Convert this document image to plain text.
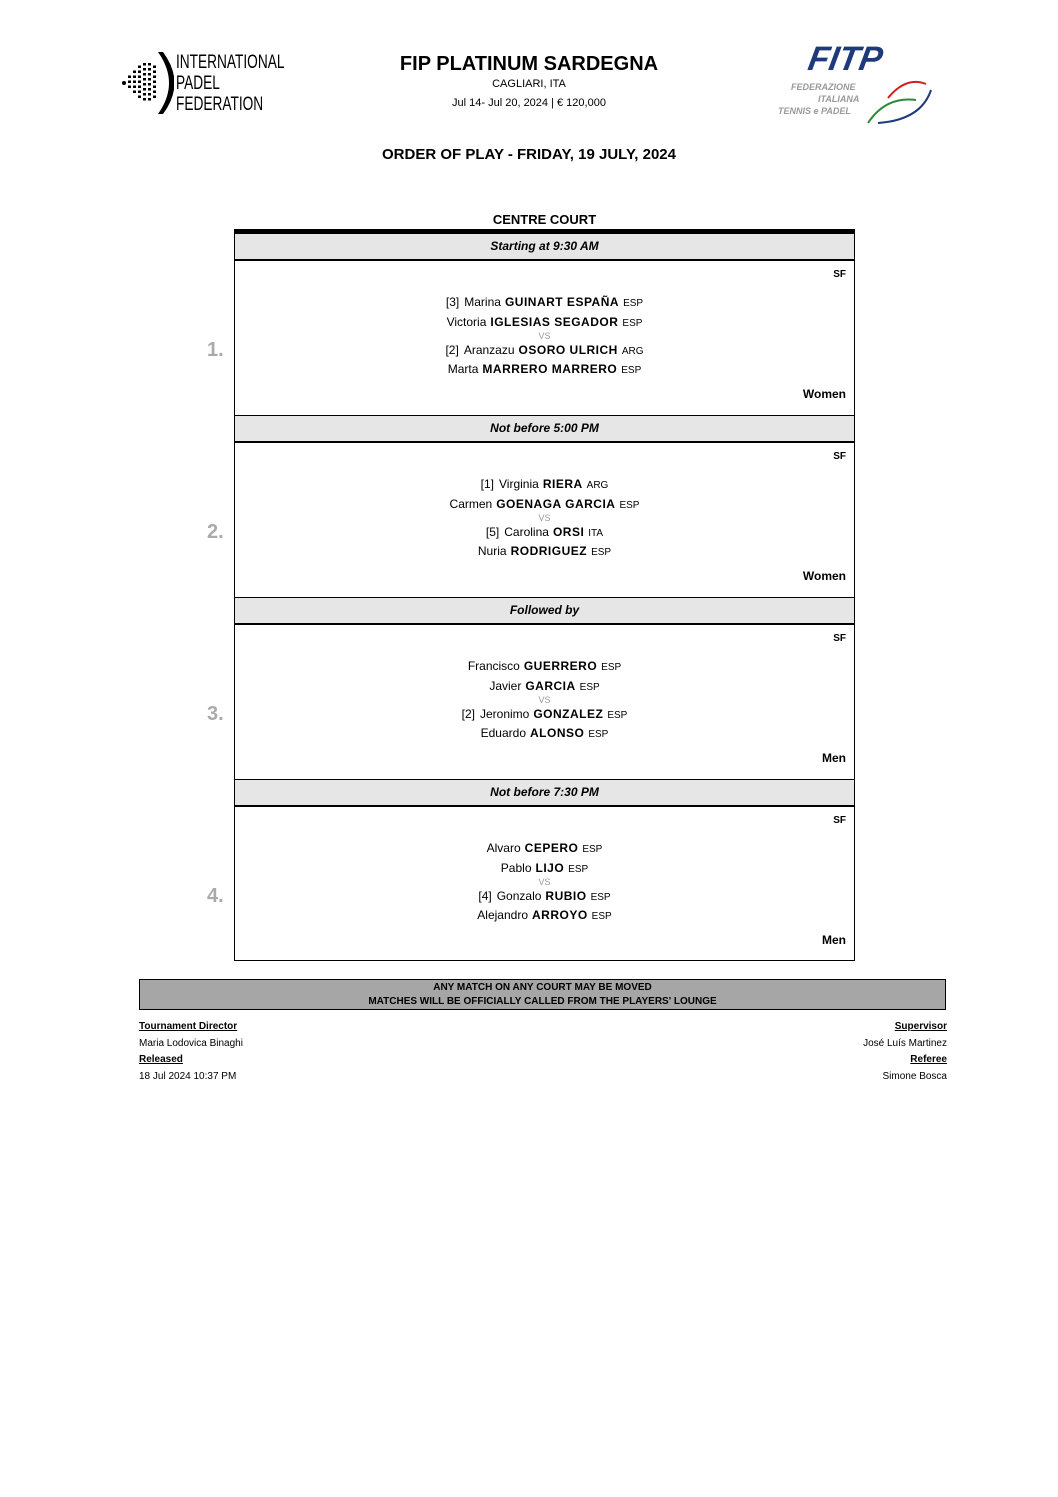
INTERNATIONAL
PADEL
FEDERATION
FIP PLATINUM SARDEGNA
CAGLIARI, ITA
Jul 14- Jul 20, 2024 | € 120,000
FITP
FEDERAZIONE
ITALIANA
TENNIS e PADEL
ORDER OF PLAY - FRIDAY, 19 JULY, 2024
CENTRE COURT
Starting at 9:30 AM
1.
SF
VS
Women
[3] Marina GUINART ESPAÑA ESP
Victoria IGLESIAS SEGADOR ESP
[2] Aranzazu OSORO ULRICH ARG
Marta MARRERO MARRERO ESP
Not before 5:00 PM
2.
SF
VS
Women
[1] Virginia RIERA ARG
Carmen GOENAGA GARCIA ESP
[5] Carolina ORSI ITA
Nuria RODRIGUEZ ESP
Followed by
3.
SF
VS
Men
Francisco GUERRERO ESP
Javier GARCIA ESP
[2] Jeronimo GONZALEZ ESP
Eduardo ALONSO ESP
Not before 7:30 PM
4.
SF
VS
Men
Alvaro CEPERO ESP
Pablo LIJO ESP
[4] Gonzalo RUBIO ESP
Alejandro ARROYO ESP
ANY MATCH ON ANY COURT MAY BE MOVED
MATCHES WILL BE OFFICIALLY CALLED FROM THE PLAYERS' LOUNGE
Tournament Director
Maria Lodovica Binaghi
Released
18 Jul 2024 10:37 PM
Supervisor
José Luís Martinez
Referee
Simone Bosca
